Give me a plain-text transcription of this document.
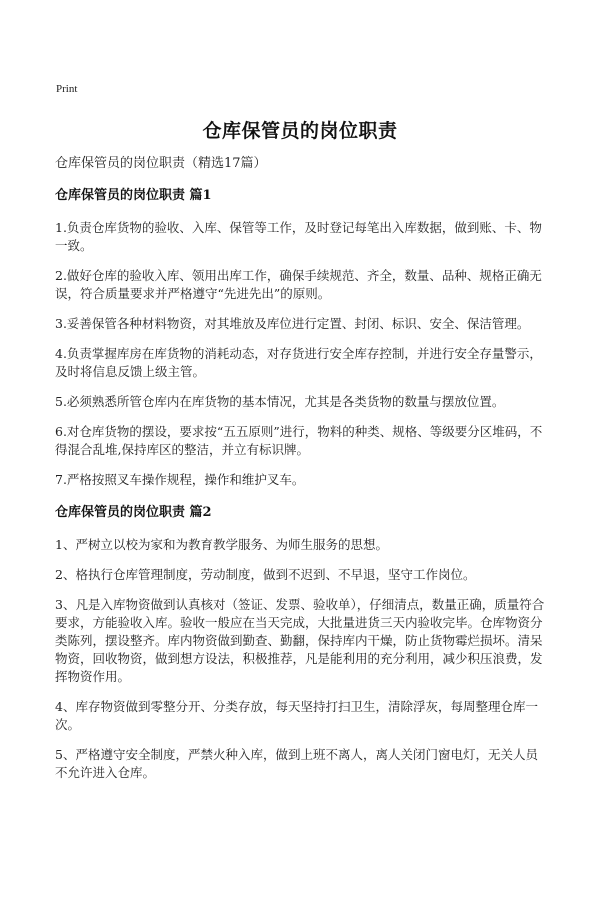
Print
仓库保管员的岗位职责
仓库保管员的岗位职责（精选17篇）
仓库保管员的岗位职责 篇1

1.负责仓库货物的验收、入库、保管等工作，及时登记每笔出入库数据，做到账、卡、物一致。

2.做好仓库的验收入库、领用出库工作，确保手续规范、齐全，数量、品种、规格正确无误，符合质量要求并严格遵守“先进先出”的原则。

3.妥善保管各种材料物资，对其堆放及库位进行定置、封闭、标识、安全、保洁管理。

4.负责掌握库房在库货物的消耗动态，对存货进行安全库存控制，并进行安全存量警示，及时将信息反馈上级主管。

5.必须熟悉所管仓库内在库货物的基本情况，尤其是各类货物的数量与摆放位置。

6.对仓库货物的摆设，要求按“五五原则”进行，物料的种类、规格、等级要分区堆码，不得混合乱堆,保持库区的整洁，并立有标识牌。

7.严格按照叉车操作规程，操作和维护叉车。

仓库保管员的岗位职责 篇2

1、严树立以校为家和为教育教学服务、为师生服务的思想。

2、格执行仓库管理制度，劳动制度，做到不迟到、不早退，坚守工作岗位。

3、凡是入库物资做到认真核对（签证、发票、验收单），仔细清点，数量正确，质量符合要求，方能验收入库。验收一般应在当天完成，大批量进货三天内验收完毕。仓库物资分类陈列，摆设整齐。库内物资做到勤查、勤翻，保持库内干燥，防止货物霉烂损坏。清呆物资，回收物资，做到想方设法，积极推荐，凡是能利用的充分利用，减少积压浪费，发挥物资作用。

4、库存物资做到零整分开、分类存放，每天坚持打扫卫生，清除浮灰，每周整理仓库一次。

5、严格遵守安全制度，严禁火种入库，做到上班不离人，离人关闭门窗电灯，无关人员不允许进入仓库。
